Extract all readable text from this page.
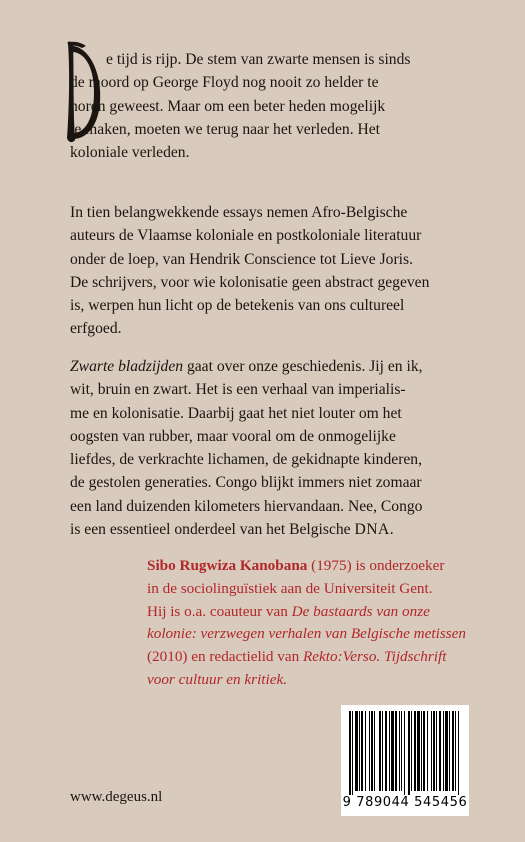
e tijd is rijp. De stem van zwarte mensen is sinds
de moord op George Floyd nog nooit zo helder te
horen geweest. Maar om een beter heden mogelijk
te maken, moeten we terug naar het verleden. Het
koloniale verleden.

In tien belangwekkende essays nemen Afro-Belgische
auteurs de Vlaamse koloniale en postkoloniale literatuur
onder de loep, van Hendrik Conscience tot Lieve Joris.
De schrijvers, voor wie kolonisatie geen abstract gegeven
is, werpen hun licht op de betekenis van ons cultureel
erfgoed.

Zwarte bladzijden gaat over onze geschiedenis. Jij en ik,
wit, bruin en zwart. Het is een verhaal van imperialis-
me en kolonisatie. Daarbij gaat het niet louter om het
oogsten van rubber, maar vooral om de onmogelijke
liefdes, de verkrachte lichamen, de gekidnapte kinderen,
de gestolen generaties. Congo blijkt immers niet zomaar
een land duizenden kilometers hiervandaan. Nee, Congo
is een essentieel onderdeel van het Belgische DNA.

Sibo Rugwiza Kanobana (1975) is onderzoeker
in de sociolinguïstiek aan de Universiteit Gent.
Hij is o.a. coauteur van De bastaards van onze
kolonie: verzwegen verhalen van Belgische metissen
(2010) en redactielid van Rekto:Verso. Tijdschrift
voor cultuur en kritiek.

9 789044 545456
www.degeus.nl
